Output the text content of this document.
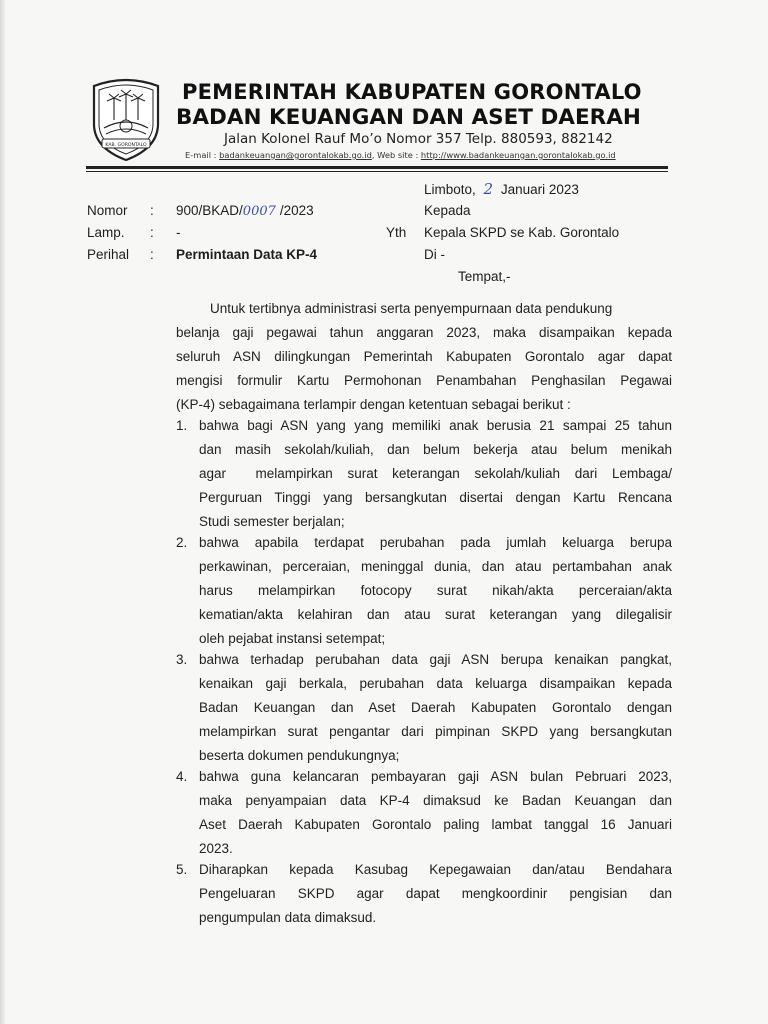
KAB. GORONTALO
PEMERINTAH KABUPATEN GORONTALO
BADAN KEUANGAN DAN ASET DAERAH
Jalan Kolonel Rauf Mo’o Nomor 357 Telp. 880593, 882142
E-mail : badankeuangan@gorontalokab.go.id, Web site : http://www.badankeuangan.gorontalokab.go.id
Limboto, 2 Januari 2023
Kepada
Yth Kepala SKPD se Kab. Gorontalo
Di -
Tempat,-
Nomor : 900/BKAD/0007 /2023
Lamp. : -
Perihal : Permintaan Data KP-4
Untuk tertibnya administrasi serta penyempurnaan data pendukung
belanja gaji pegawai tahun anggaran 2023, maka disampaikan kepada
seluruh ASN dilingkungan Pemerintah Kabupaten Gorontalo agar dapat
mengisi formulir Kartu Permohonan Penambahan Penghasilan Pegawai
(KP-4) sebagaimana terlampir dengan ketentuan sebagai berikut :
1. bahwa bagi ASN yang yang memiliki anak berusia 21 sampai 25 tahun
dan masih sekolah/kuliah, dan belum bekerja atau belum menikah
agar  melampirkan surat keterangan sekolah/kuliah dari Lembaga/
Perguruan Tinggi yang bersangkutan disertai dengan Kartu Rencana
Studi semester berjalan;
2. bahwa apabila terdapat perubahan pada jumlah keluarga berupa
perkawinan, perceraian, meninggal dunia, dan atau pertambahan anak
harus melampirkan fotocopy surat nikah/akta perceraian/akta
kematian/akta kelahiran dan atau surat keterangan yang dilegalisir
oleh pejabat instansi setempat;
3. bahwa terhadap perubahan data gaji ASN berupa kenaikan pangkat,
kenaikan gaji berkala, perubahan data keluarga disampaikan kepada
Badan Keuangan dan Aset Daerah Kabupaten Gorontalo dengan
melampirkan surat pengantar dari pimpinan SKPD yang bersangkutan
beserta dokumen pendukungnya;
4. bahwa guna kelancaran pembayaran gaji ASN bulan Pebruari 2023,
maka penyampaian data KP-4 dimaksud ke Badan Keuangan dan
Aset Daerah Kabupaten Gorontalo paling lambat tanggal 16 Januari
2023.
5. Diharapkan kepada Kasubag Kepegawaian dan/atau Bendahara
Pengeluaran SKPD agar dapat mengkoordinir pengisian dan
pengumpulan data dimaksud.
